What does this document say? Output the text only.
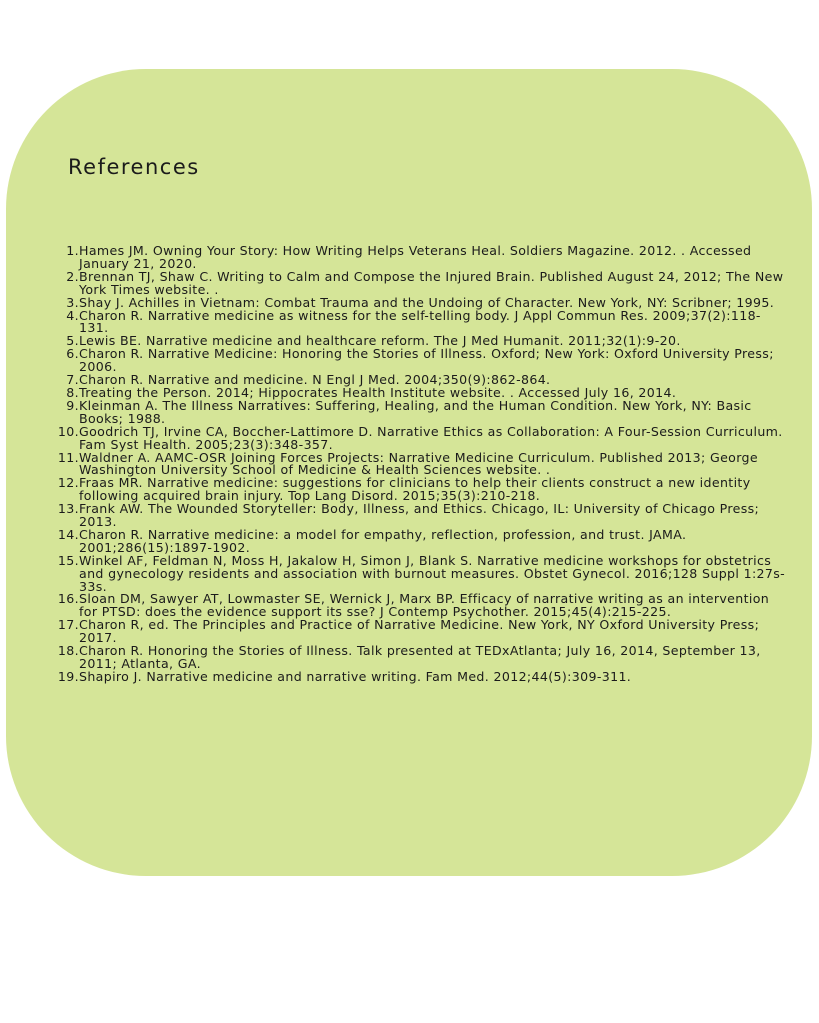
References
1. Hames JM. Owning Your Story: How Writing Helps Veterans Heal. Soldiers Magazine. 2012. . Accessed January 21, 2020.
2. Brennan TJ, Shaw C. Writing to Calm and Compose the Injured Brain. Published August 24, 2012; The New York Times website. .
3. Shay J. Achilles in Vietnam: Combat Trauma and the Undoing of Character. New York, NY: Scribner; 1995.
4. Charon R. Narrative medicine as witness for the self-telling body. J Appl Commun Res. 2009;37(2):118-131.
5. Lewis BE. Narrative medicine and healthcare reform. The J Med Humanit. 2011;32(1):9-20.
6. Charon R. Narrative Medicine: Honoring the Stories of Illness. Oxford; New York: Oxford University Press; 2006.
7. Charon R. Narrative and medicine. N Engl J Med. 2004;350(9):862-864.
8. Treating the Person. 2014; Hippocrates Health Institute website. . Accessed July 16, 2014.
9. Kleinman A. The Illness Narratives: Suffering, Healing, and the Human Condition. New York, NY: Basic Books; 1988.
10. Goodrich TJ, Irvine CA, Boccher-Lattimore D. Narrative Ethics as Collaboration: A Four-Session Curriculum. Fam Syst Health. 2005;23(3):348-357.
11. Waldner A. AAMC-OSR Joining Forces Projects: Narrative Medicine Curriculum. Published 2013; George Washington University School of Medicine & Health Sciences website. .
12. Fraas MR. Narrative medicine: suggestions for clinicians to help their clients construct a new identity following acquired brain injury. Top Lang Disord. 2015;35(3):210-218.
13. Frank AW. The Wounded Storyteller: Body, Illness, and Ethics. Chicago, IL: University of Chicago Press; 2013.
14. Charon R. Narrative medicine: a model for empathy, reflection, profession, and trust. JAMA. 2001;286(15):1897-1902.
15. Winkel AF, Feldman N, Moss H, Jakalow H, Simon J, Blank S. Narrative medicine workshops for obstetrics and gynecology residents and association with burnout measures. Obstet Gynecol. 2016;128 Suppl 1:27s-33s.
16. Sloan DM, Sawyer AT, Lowmaster SE, Wernick J, Marx BP. Efficacy of narrative writing as an intervention for PTSD: does the evidence support its sse? J Contemp Psychother. 2015;45(4):215-225.
17. Charon R, ed. The Principles and Practice of Narrative Medicine. New York, NY Oxford University Press; 2017.
18. Charon R. Honoring the Stories of Illness. Talk presented at TEDxAtlanta; July 16, 2014, September 13, 2011; Atlanta, GA.
19. Shapiro J. Narrative medicine and narrative writing. Fam Med. 2012;44(5):309-311.
